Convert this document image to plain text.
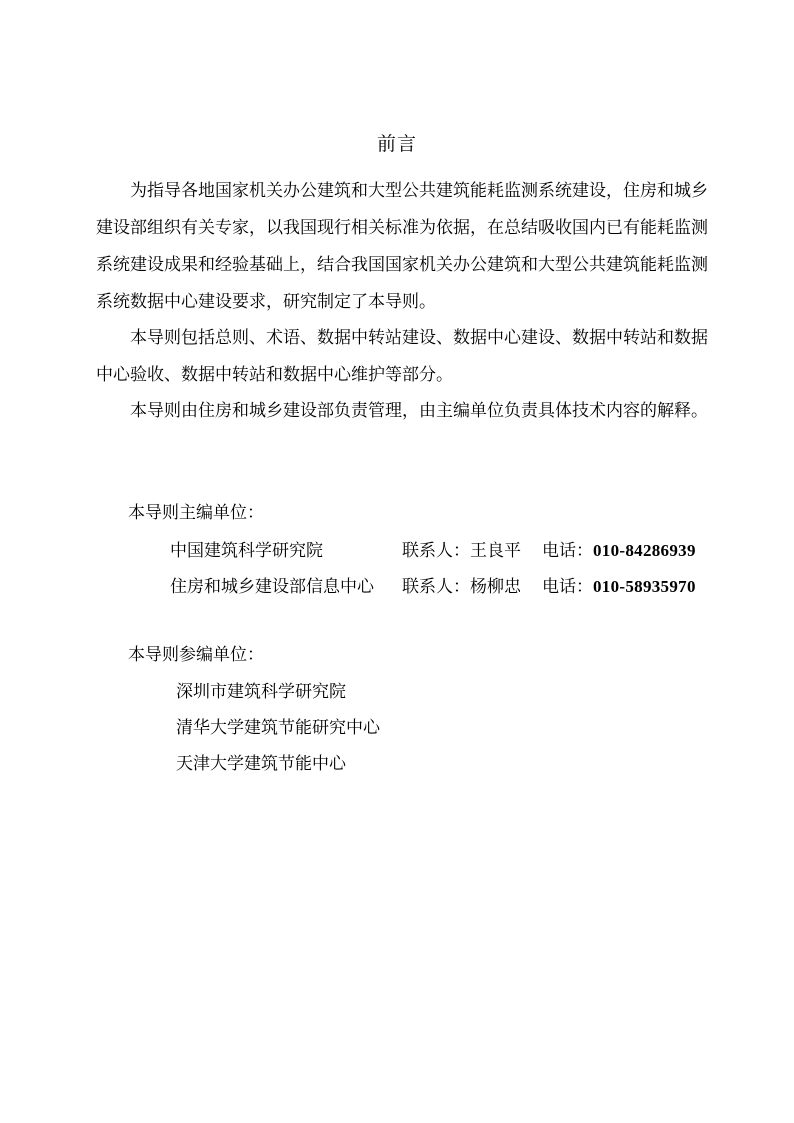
前言

为指导各地国家机关办公建筑和大型公共建筑能耗监测系统建设，住房和城乡建设部组织有关专家，以我国现行相关标准为依据，在总结吸收国内已有能耗监测系统建设成果和经验基础上，结合我国国家机关办公建筑和大型公共建筑能耗监测系统数据中心建设要求，研究制定了本导则。

本导则包括总则、术语、数据中转站建设、数据中心建设、数据中转站和数据中心验收、数据中转站和数据中心维护等部分。

本导则由住房和城乡建设部负责管理，由主编单位负责具体技术内容的解释。

本导则主编单位：
中国建筑科学研究院	联系人：王良平 电话：010-84286939
住房和城乡建设部信息中心 联系人：杨柳忠 电话：010-58935970
本导则参编单位：
深圳市建筑科学研究院
清华大学建筑节能研究中心
天津大学建筑节能中心
